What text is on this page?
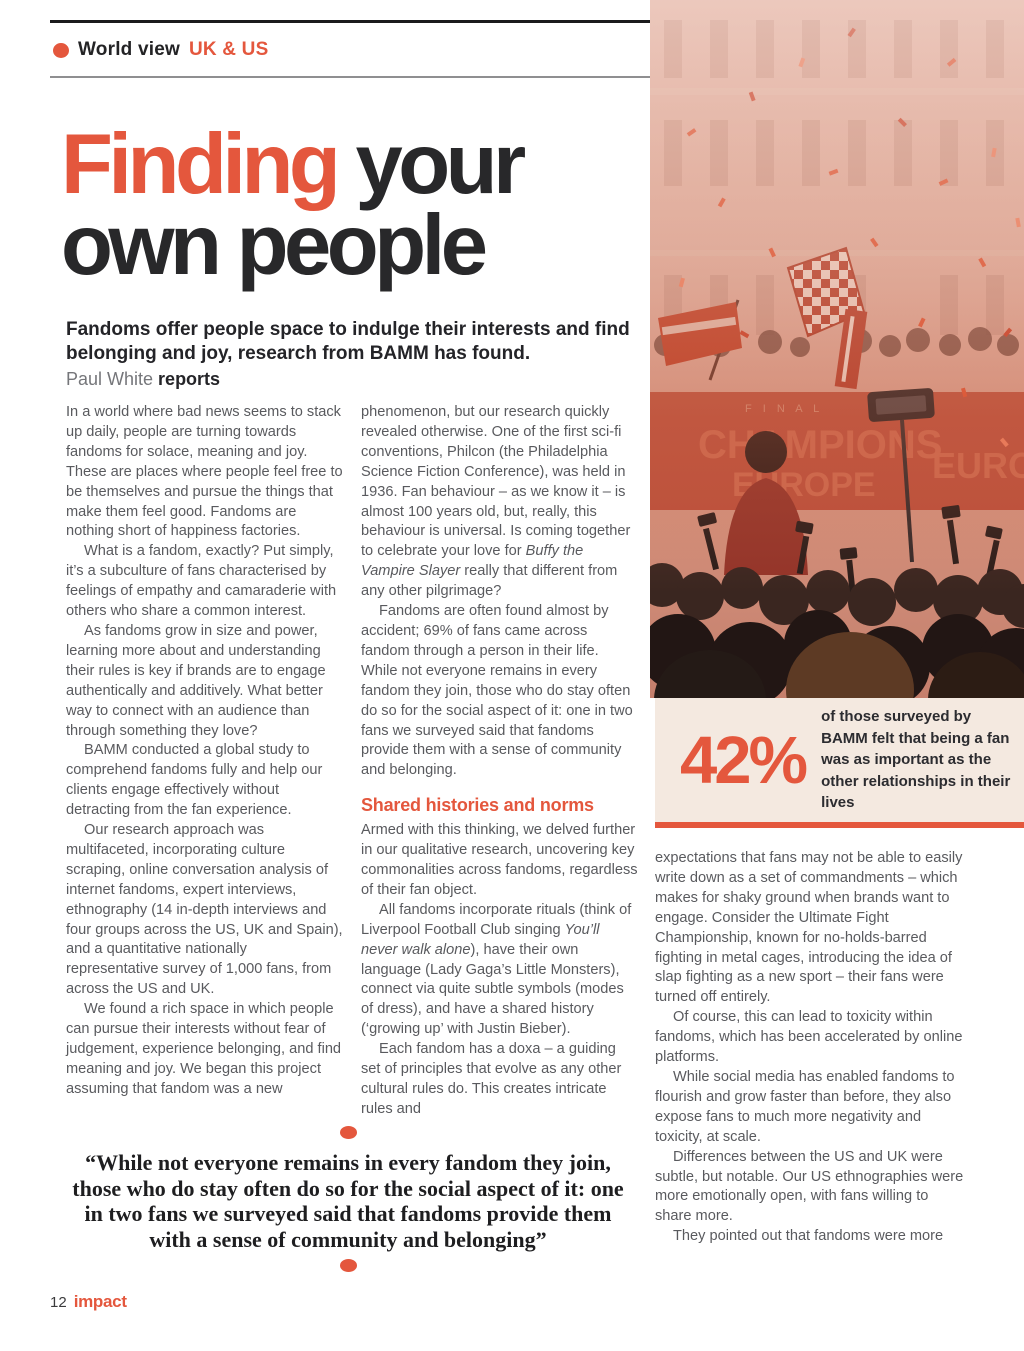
World view UK & US
Finding your
own people
Fandoms offer people space to indulge their interests and find belonging and joy, research from BAMM has found.
Paul White reports

In a world where bad news seems to stack up daily, people are turning towards fandoms for solace, meaning and joy. These are places where people feel free to be themselves and pursue the things that make them feel good. Fandoms are nothing short of happiness factories.

What is a fandom, exactly? Put simply, it’s a subculture of fans characterised by feelings of empathy and camaraderie with others who share a common interest.

As fandoms grow in size and power, learning more about and understanding their rules is key if brands are to engage authentically and additively. What better way to connect with an audience than through something they love?

BAMM conducted a global study to comprehend fandoms fully and help our clients engage effectively without detracting from the fan experience.

Our research approach was multifaceted, incorporating culture scraping, online conversation analysis of internet fandoms, expert interviews, ethnography (14 in-depth interviews and four groups across the US, UK and Spain), and a quantitative nationally representative survey of 1,000 fans, from across the US and UK.

We found a rich space in which people can pursue their interests without fear of judgement, experience belonging, and find meaning and joy. We began this project assuming that fandom was a new

phenomenon, but our research quickly revealed otherwise. One of the first sci-fi conventions, Philcon (the Philadelphia Science Fiction Conference), was held in 1936. Fan behaviour – as we know it – is almost 100 years old, but, really, this behaviour is universal. Is coming together to celebrate your love for Buffy the Vampire Slayer really that different from any other pilgrimage?

Fandoms are often found almost by accident; 69% of fans came across fandom through a person in their life. While not everyone remains in every fandom they join, those who do stay often do so for the social aspect of it: one in two fans we surveyed said that fandoms provide them with a sense of community and belonging.

Shared histories and norms

Armed with this thinking, we delved further in our qualitative research, uncovering key commonalities across fandoms, regardless of their fan object.

All fandoms incorporate rituals (think of Liverpool Football Club singing You’ll never walk alone), have their own language (Lady Gaga’s Little Monsters), connect via quite subtle symbols (modes of dress), and have a shared history (‘growing up’ with Justin Bieber).

Each fandom has a doxa – a guiding set of principles that evolve as any other cultural rules do. This creates intricate rules and

expectations that fans may not be able to easily write down as a set of commandments – which makes for shaky ground when brands want to engage. Consider the Ultimate Fight Championship, known for no-holds-barred fighting in metal cages, introducing the idea of slap fighting as a new sport – their fans were turned off entirely.

Of course, this can lead to toxicity within fandoms, which has been accelerated by online platforms.

While social media has enabled fandoms to flourish and grow faster than before, they also expose fans to much more negativity and toxicity, at scale.

Differences between the US and UK were subtle, but notable. Our US ethnographies were more emotionally open, with fans willing to share more.

They pointed out that fandoms were more

42%
of those surveyed by BAMM felt that being a fan was as important as the other relationships in their lives
“While not everyone remains in every fandom they join, those who do stay often do so for the social aspect of it: one in two fans we surveyed said that fandoms provide them with a sense of community and belonging”
12 impact
